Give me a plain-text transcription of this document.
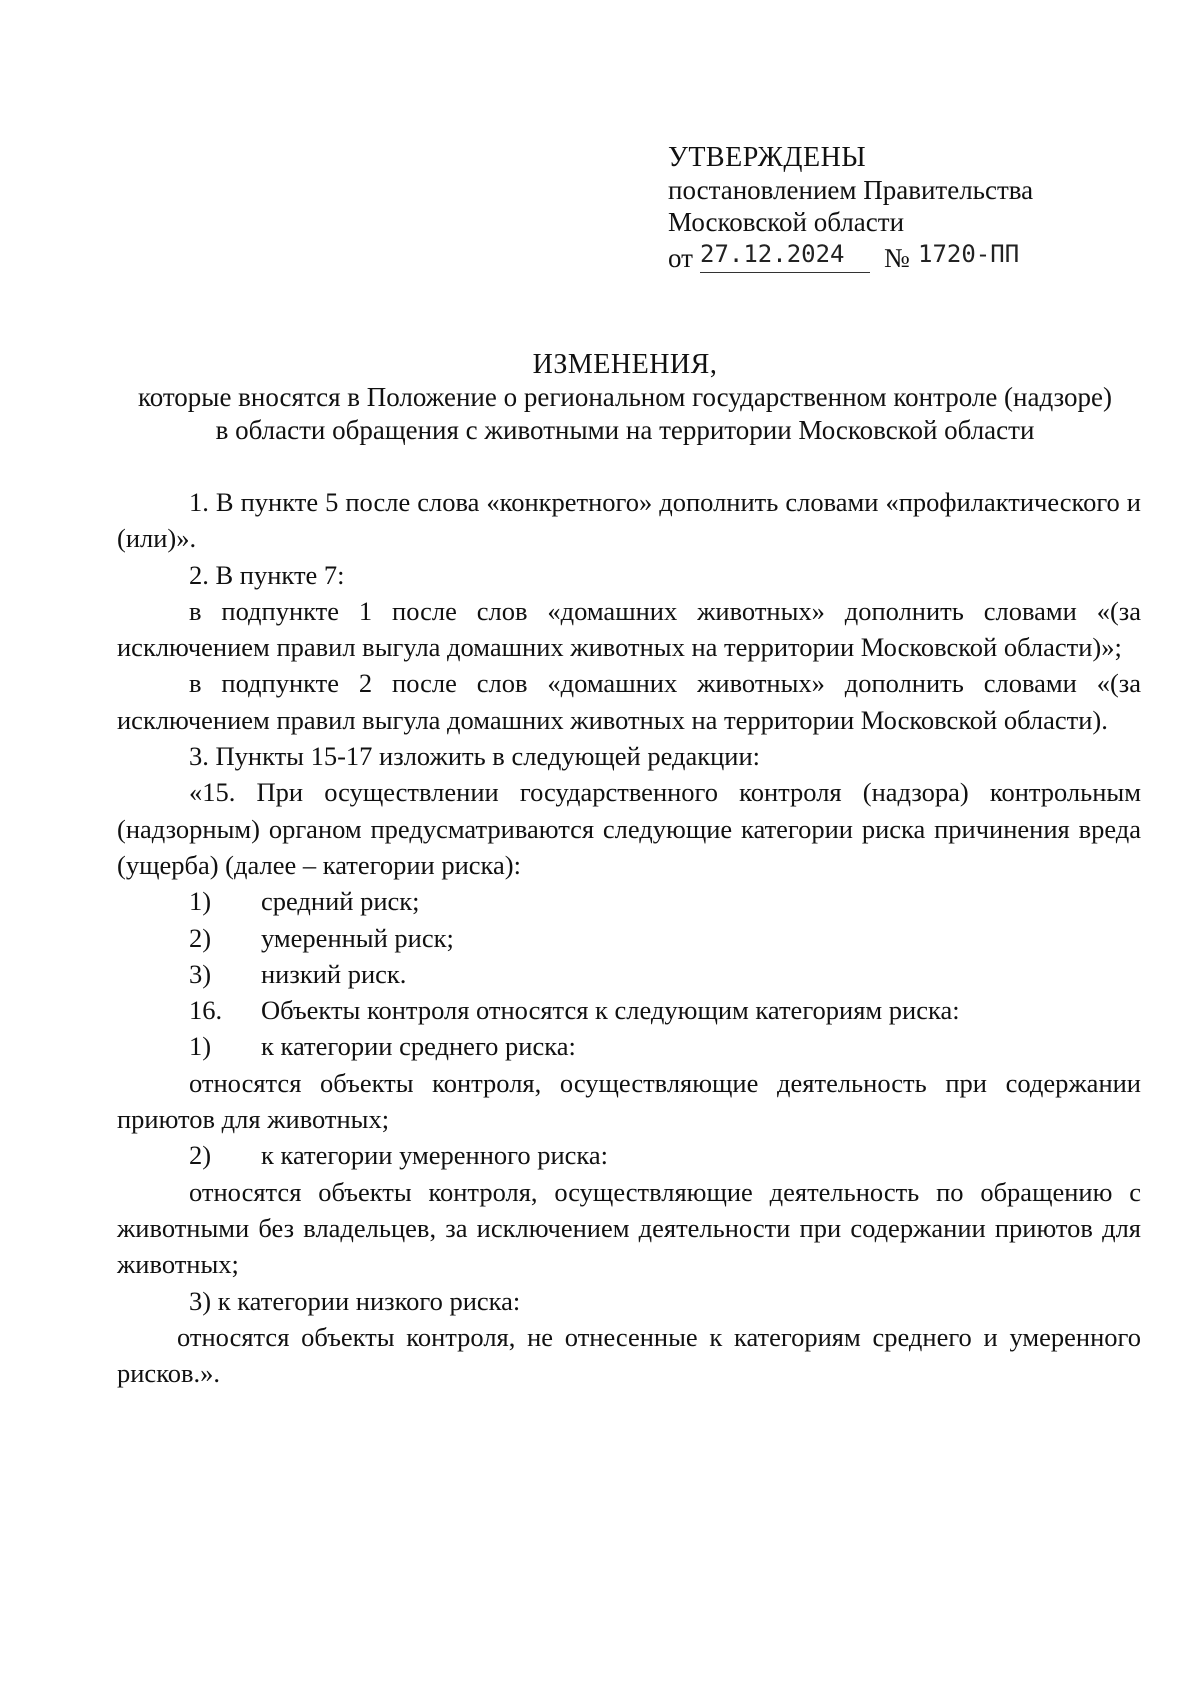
УТВЕРЖДЕНЫ
постановлением Правительства
Московской области
от 27.12.2024	№ 1720-ПП
ИЗМЕНЕНИЯ,
которые вносятся в Положение о региональном государственном контроле (надзоре)
в области обращения с животными на территории Московской области

1. В пункте 5 после слова «конкретного» дополнить словами «профилактического и (или)».

2. В пункте 7:

в подпункте 1 после слов «домашних животных» дополнить словами «(за исключением правил выгула домашних животных на территории Московской области)»;

в подпункте 2 после слов «домашних животных» дополнить словами «(за исключением правил выгула домашних животных на территории Московской области).

3. Пункты 15-17 изложить в следующей редакции:

«15. При осуществлении государственного контроля (надзора) контрольным (надзорным) органом предусматриваются следующие категории риска причинения вреда (ущерба) (далее – категории риска):

1) средний риск;

2) умеренный риск;

3) низкий риск.

16. Объекты контроля относятся к следующим категориям риска:

1) к категории среднего риска:

относятся объекты контроля, осуществляющие деятельность при содержании приютов для животных;

2) к категории умеренного риска:

относятся объекты контроля, осуществляющие деятельность по обращению с животными без владельцев, за исключением деятельности при содержании приютов для животных;

3) к категории низкого риска:

относятся объекты контроля, не отнесенные к категориям среднего и умеренного рисков.».
